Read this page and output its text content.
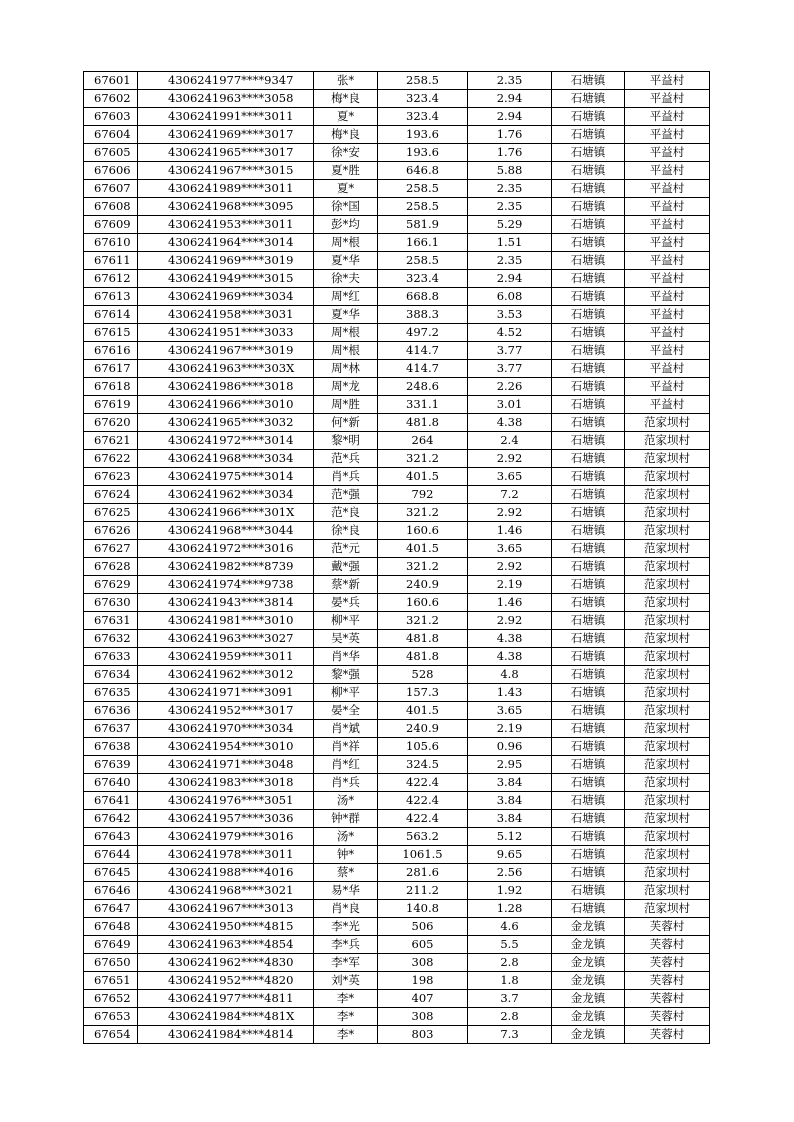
67601	4306241977****9347	张*	258.5	2.35	石塘镇	平益村
67602	4306241963****3058	梅*良	323.4	2.94	石塘镇	平益村
67603	4306241991****3011	夏*	323.4	2.94	石塘镇	平益村
67604	4306241969****3017	梅*良	193.6	1.76	石塘镇	平益村
67605	4306241965****3017	徐*安	193.6	1.76	石塘镇	平益村
67606	4306241967****3015	夏*胜	646.8	5.88	石塘镇	平益村
67607	4306241989****3011	夏*	258.5	2.35	石塘镇	平益村
67608	4306241968****3095	徐*国	258.5	2.35	石塘镇	平益村
67609	4306241953****3011	彭*均	581.9	5.29	石塘镇	平益村
67610	4306241964****3014	周*根	166.1	1.51	石塘镇	平益村
67611	4306241969****3019	夏*华	258.5	2.35	石塘镇	平益村
67612	4306241949****3015	徐*夫	323.4	2.94	石塘镇	平益村
67613	4306241969****3034	周*红	668.8	6.08	石塘镇	平益村
67614	4306241958****3031	夏*华	388.3	3.53	石塘镇	平益村
67615	4306241951****3033	周*根	497.2	4.52	石塘镇	平益村
67616	4306241967****3019	周*根	414.7	3.77	石塘镇	平益村
67617	4306241963****303X	周*林	414.7	3.77	石塘镇	平益村
67618	4306241986****3018	周*龙	248.6	2.26	石塘镇	平益村
67619	4306241966****3010	周*胜	331.1	3.01	石塘镇	平益村
67620	4306241965****3032	何*新	481.8	4.38	石塘镇	范家坝村
67621	4306241972****3014	黎*明	264	2.4	石塘镇	范家坝村
67622	4306241968****3034	范*兵	321.2	2.92	石塘镇	范家坝村
67623	4306241975****3014	肖*兵	401.5	3.65	石塘镇	范家坝村
67624	4306241962****3034	范*强	792	7.2	石塘镇	范家坝村
67625	4306241966****301X	范*良	321.2	2.92	石塘镇	范家坝村
67626	4306241968****3044	徐*良	160.6	1.46	石塘镇	范家坝村
67627	4306241972****3016	范*元	401.5	3.65	石塘镇	范家坝村
67628	4306241982****8739	戴*强	321.2	2.92	石塘镇	范家坝村
67629	4306241974****9738	蔡*新	240.9	2.19	石塘镇	范家坝村
67630	4306241943****3814	晏*兵	160.6	1.46	石塘镇	范家坝村
67631	4306241981****3010	柳*平	321.2	2.92	石塘镇	范家坝村
67632	4306241963****3027	吴*英	481.8	4.38	石塘镇	范家坝村
67633	4306241959****3011	肖*华	481.8	4.38	石塘镇	范家坝村
67634	4306241962****3012	黎*强	528	4.8	石塘镇	范家坝村
67635	4306241971****3091	柳*平	157.3	1.43	石塘镇	范家坝村
67636	4306241952****3017	晏*全	401.5	3.65	石塘镇	范家坝村
67637	4306241970****3034	肖*斌	240.9	2.19	石塘镇	范家坝村
67638	4306241954****3010	肖*祥	105.6	0.96	石塘镇	范家坝村
67639	4306241971****3048	肖*红	324.5	2.95	石塘镇	范家坝村
67640	4306241983****3018	肖*兵	422.4	3.84	石塘镇	范家坝村
67641	4306241976****3051	汤*	422.4	3.84	石塘镇	范家坝村
67642	4306241957****3036	钟*群	422.4	3.84	石塘镇	范家坝村
67643	4306241979****3016	汤*	563.2	5.12	石塘镇	范家坝村
67644	4306241978****3011	钟*	1061.5	9.65	石塘镇	范家坝村
67645	4306241988****4016	蔡*	281.6	2.56	石塘镇	范家坝村
67646	4306241968****3021	易*华	211.2	1.92	石塘镇	范家坝村
67647	4306241967****3013	肖*良	140.8	1.28	石塘镇	范家坝村
67648	4306241950****4815	李*光	506	4.6	金龙镇	芙蓉村
67649	4306241963****4854	李*兵	605	5.5	金龙镇	芙蓉村
67650	4306241962****4830	李*军	308	2.8	金龙镇	芙蓉村
67651	4306241952****4820	刘*英	198	1.8	金龙镇	芙蓉村
67652	4306241977****4811	李*	407	3.7	金龙镇	芙蓉村
67653	4306241984****481X	李*	308	2.8	金龙镇	芙蓉村
67654	4306241984****4814	李*	803	7.3	金龙镇	芙蓉村
